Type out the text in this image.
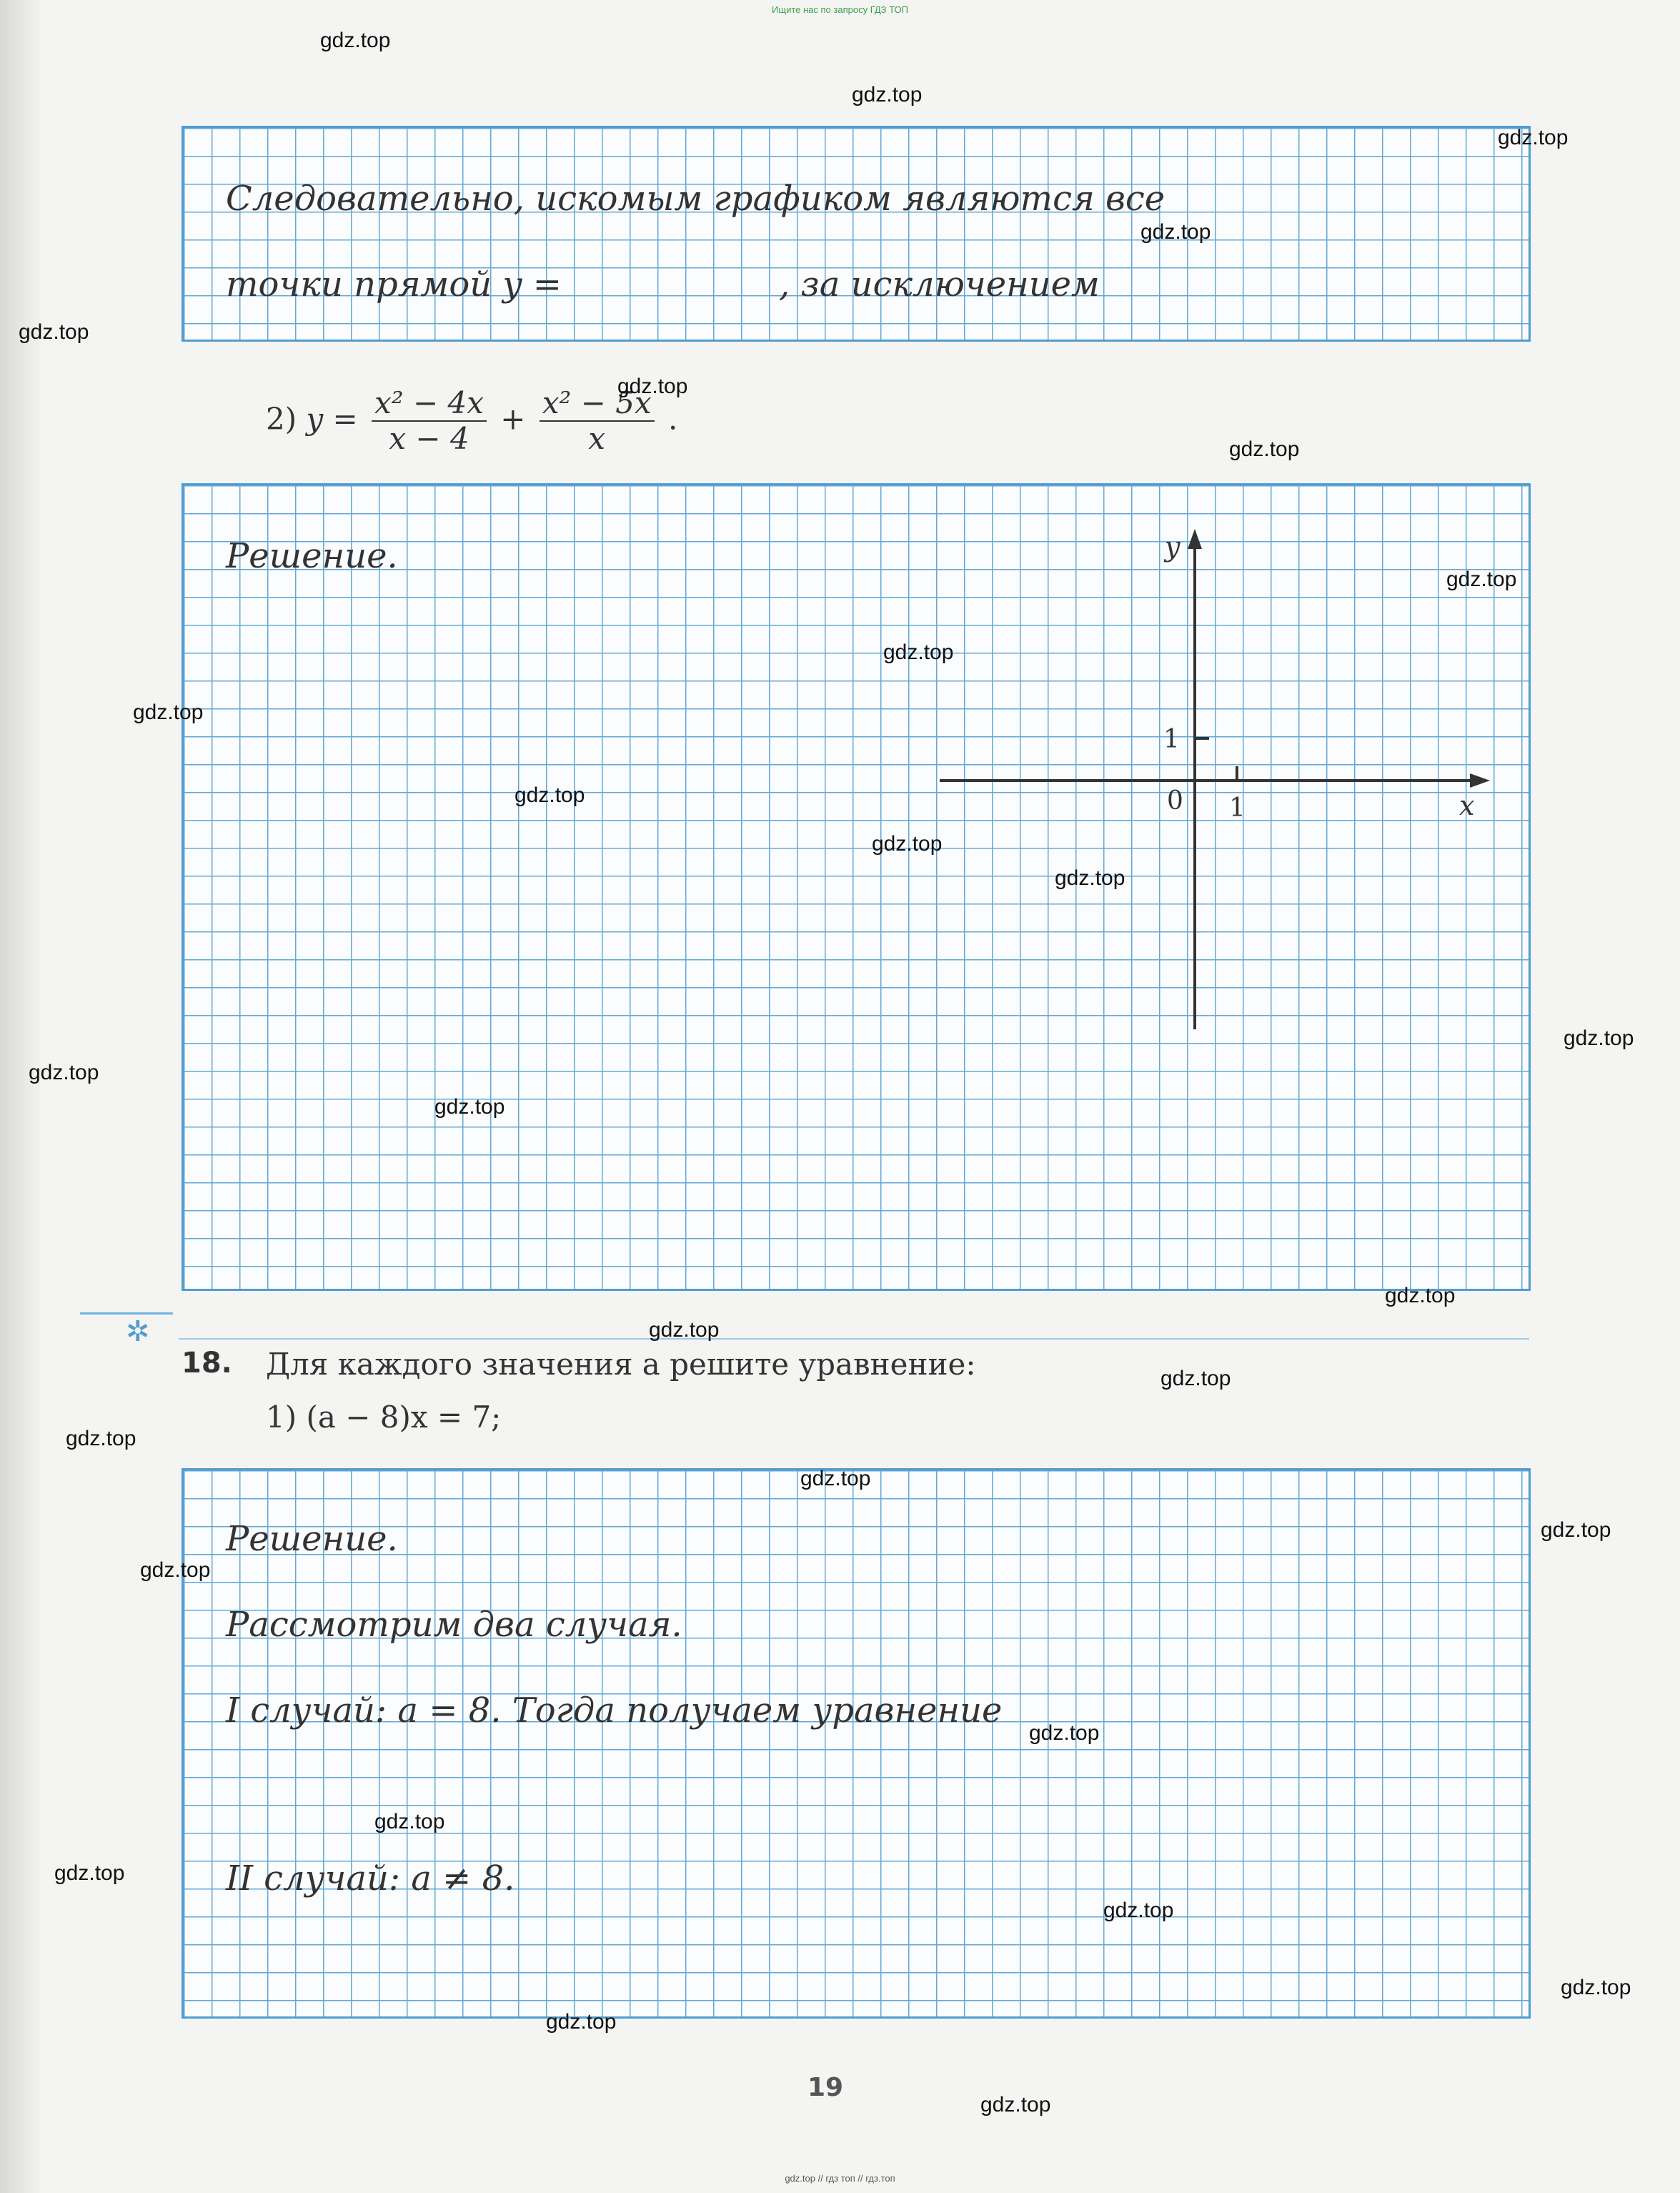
Ищите нас по запросу ГДЗ ТОП
Следовательно, искомым графиком являются все
точки прямой y =	, за исключением
2) $y = \frac{\text{x² − 4x}}{x - 4} + \frac{\text{x² − 5x}}{x}$ .
Решение.	y
x
0
1
1
✲
18. Для каждого значения a решите уравнение:
1) (a − 8)x = 7;
Решение.
Рассмотрим два случая.
I случай: a = 8. Тогда получаем уравнение
II случай: a ≠ 8.
19
gdz.top
gdz.top
gdz.top
gdz.top
gdz.top
gdz.top
gdz.top
gdz.top
gdz.top
gdz.top
gdz.top
gdz.top
gdz.top
gdz.top
gdz.top
gdz.top
gdz.top
gdz.top
gdz.top
gdz.top
gdz.top
gdz.top
gdz.top
gdz.top
gdz.top
gdz.top
gdz.top
gdz.top
gdz.top
gdz.top
gdz.top // гдз топ // гдз.топ
